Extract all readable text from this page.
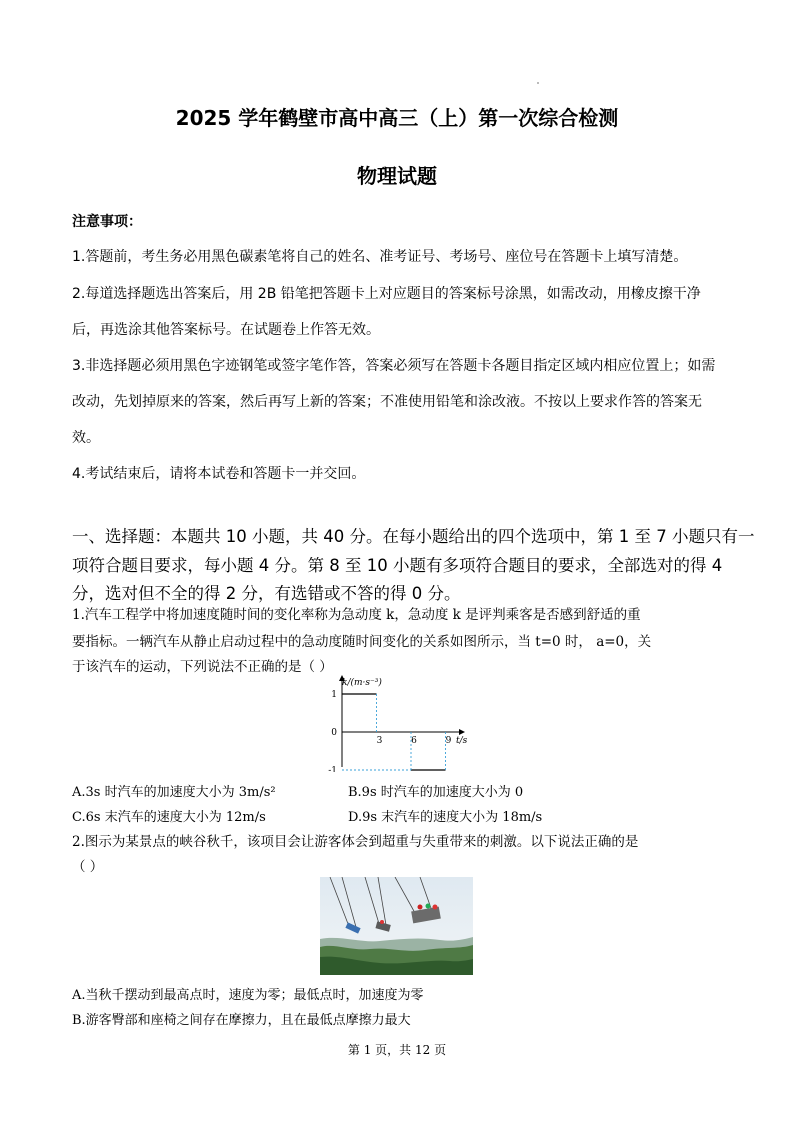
2025 学年鹤壁市高中高三（上）第一次综合检测
物理试题
注意事项：
1.答题前，考生务必用黑色碳素笔将自己的姓名、准考证号、考场号、座位号在答题卡上填写清楚。
2.每道选择题选出答案后，用 2B 铅笔把答题卡上对应题目的答案标号涂黑，如需改动，用橡皮擦干净
后，再选涂其他答案标号。在试题卷上作答无效。
3.非选择题必须用黑色字迹钢笔或签字笔作答，答案必须写在答题卡各题目指定区域内相应位置上；如需
改动，先划掉原来的答案，然后再写上新的答案；不准使用铅笔和涂改液。不按以上要求作答的答案无
效。
4.考试结束后，请将本试卷和答题卡一并交回。
一、选择题：本题共 10 小题，共 40 分。在每小题给出的四个选项中，第 1 至 7 小题只有一
项符合题目要求，每小题 4 分。第 8 至 10 小题有多项符合题目的要求，全部选对的得 4
分，选对但不全的得 2 分，有选错或不答的得 0 分。
1.汽车工程学中将加速度随时间的变化率称为急动度 k，急动度 k 是评判乘客是否感到舒适的重
要指标。一辆汽车从静止启动过程中的急动度随时间变化的关系如图所示，当 t=0 时， a=0，关
于该汽车的运动，下列说法不正确的是（ ）
k/(m·s⁻³)
t/s
1
0
-1
3	6	9
A.3s 时汽车的加速度大小为 3m/s²	B.9s 时汽车的加速度大小为 0
C.6s 末汽车的速度大小为 12m/s	D.9s 末汽车的速度大小为 18m/s
2.图示为某景点的峡谷秋千，该项目会让游客体会到超重与失重带来的刺激。以下说法正确的是
（ ）
A.当秋千摆动到最高点时，速度为零；最低点时，加速度为零
B.游客臀部和座椅之间存在摩擦力，且在最低点摩擦力最大
第 1 页，共 12 页
